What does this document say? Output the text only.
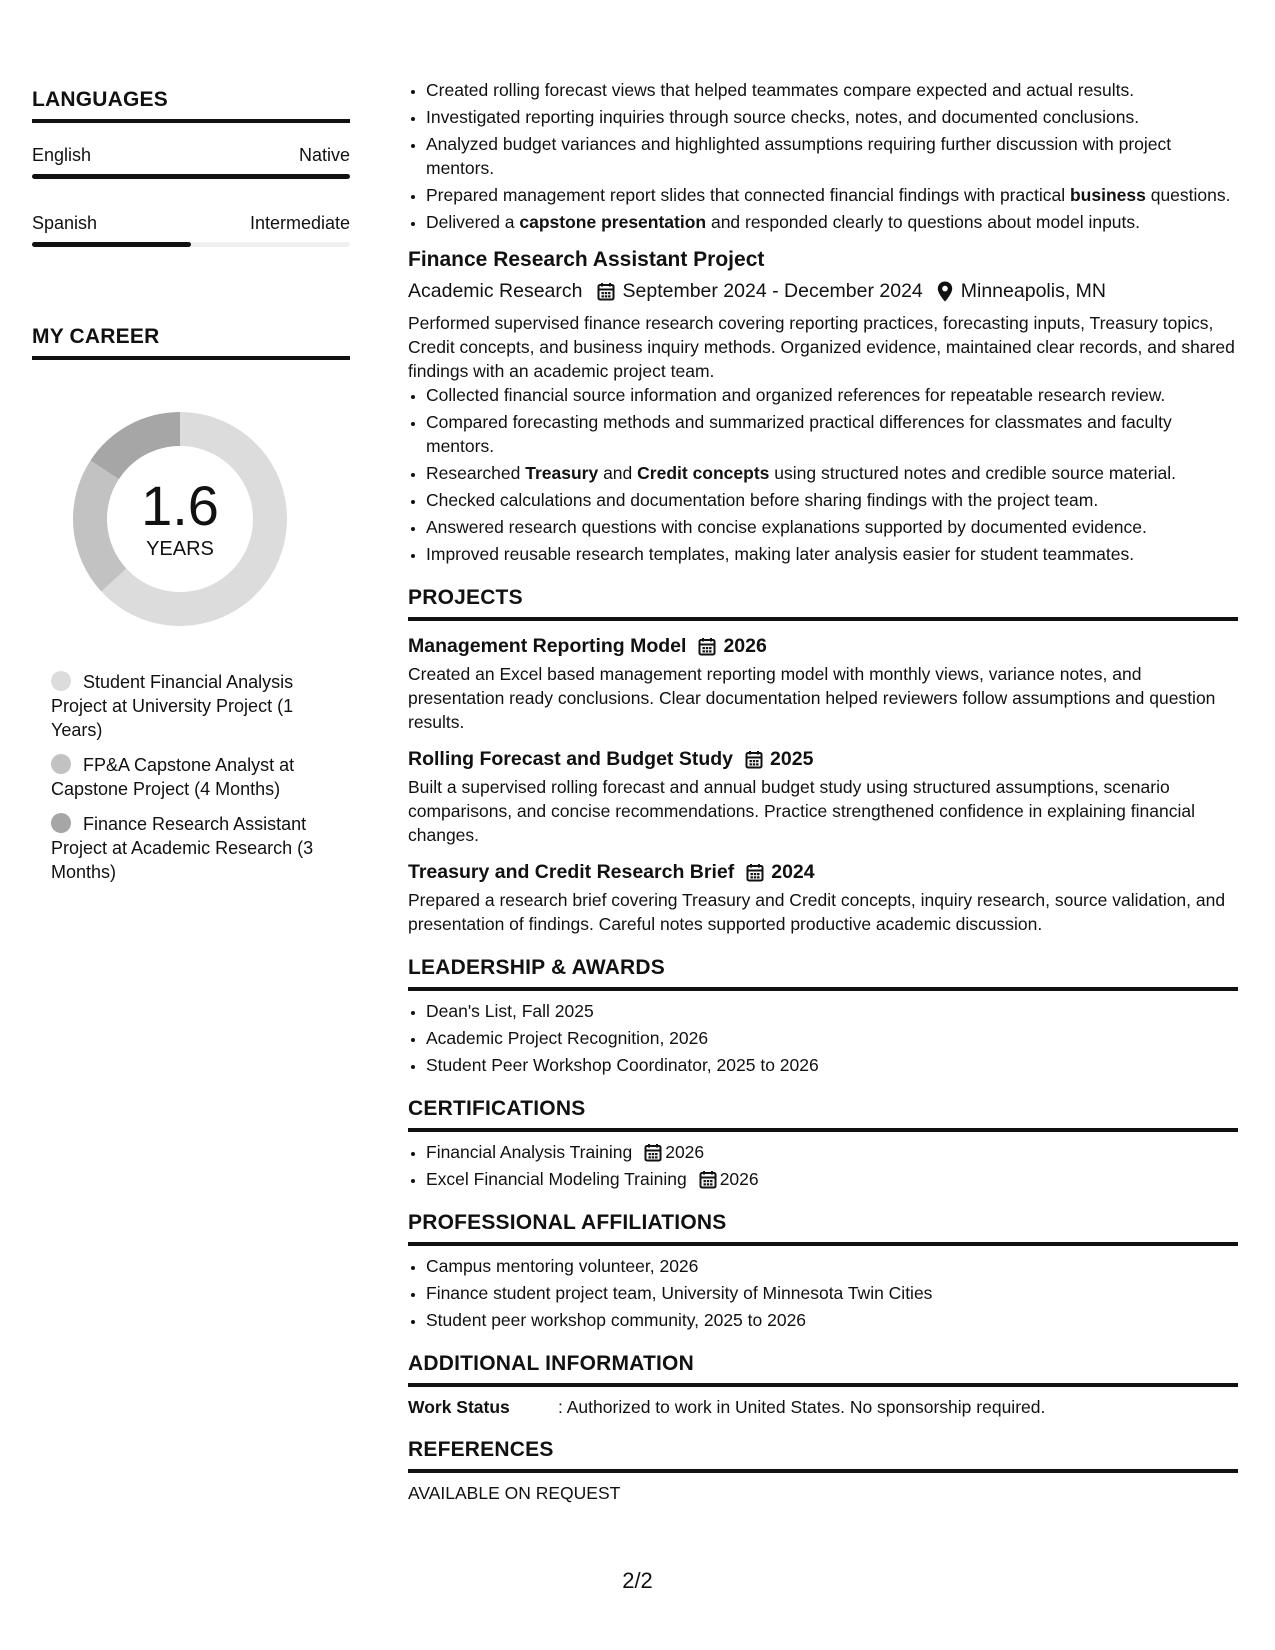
LANGUAGES
English	Native
Spanish	Intermediate
MY CAREER
1.6
YEARS
Student Financial Analysis Project at University Project (1 Years)
FP&A Capstone Analyst at Capstone Project (4 Months)
Finance Research Assistant Project at Academic Research (3 Months)
• Created rolling forecast views that helped teammates compare expected and actual results.
• Investigated reporting inquiries through source checks, notes, and documented conclusions.
• Analyzed budget variances and highlighted assumptions requiring further discussion with project mentors.
• Prepared management report slides that connected financial findings with practical business questions.
• Delivered a capstone presentation and responded clearly to questions about model inputs.
Finance Research Assistant Project
Academic Research September 2024 - December 2024 Minneapolis, MN
Performed supervised finance research covering reporting practices, forecasting inputs, Treasury topics, Credit concepts, and business inquiry methods. Organized evidence, maintained clear records, and shared findings with an academic project team.
• Collected financial source information and organized references for repeatable research review.
• Compared forecasting methods and summarized practical differences for classmates and faculty mentors.
• Researched Treasury and Credit concepts using structured notes and credible source material.
• Checked calculations and documentation before sharing findings with the project team.
• Answered research questions with concise explanations supported by documented evidence.
• Improved reusable research templates, making later analysis easier for student teammates.
PROJECTS
Management Reporting Model 2026
Created an Excel based management reporting model with monthly views, variance notes, and presentation ready conclusions. Clear documentation helped reviewers follow assumptions and question results.
Rolling Forecast and Budget Study 2025
Built a supervised rolling forecast and annual budget study using structured assumptions, scenario comparisons, and concise recommendations. Practice strengthened confidence in explaining financial changes.
Treasury and Credit Research Brief 2024
Prepared a research brief covering Treasury and Credit concepts, inquiry research, source validation, and presentation of findings. Careful notes supported productive academic discussion.
LEADERSHIP & AWARDS
• Dean's List, Fall 2025
• Academic Project Recognition, 2026
• Student Peer Workshop Coordinator, 2025 to 2026
CERTIFICATIONS
• Financial Analysis Training 2026
• Excel Financial Modeling Training 2026
PROFESSIONAL AFFILIATIONS
• Campus mentoring volunteer, 2026
• Finance student project team, University of Minnesota Twin Cities
• Student peer workshop community, 2025 to 2026
ADDITIONAL INFORMATION
Work Status	: Authorized to work in United States. No sponsorship required.
REFERENCES
AVAILABLE ON REQUEST
2/2
